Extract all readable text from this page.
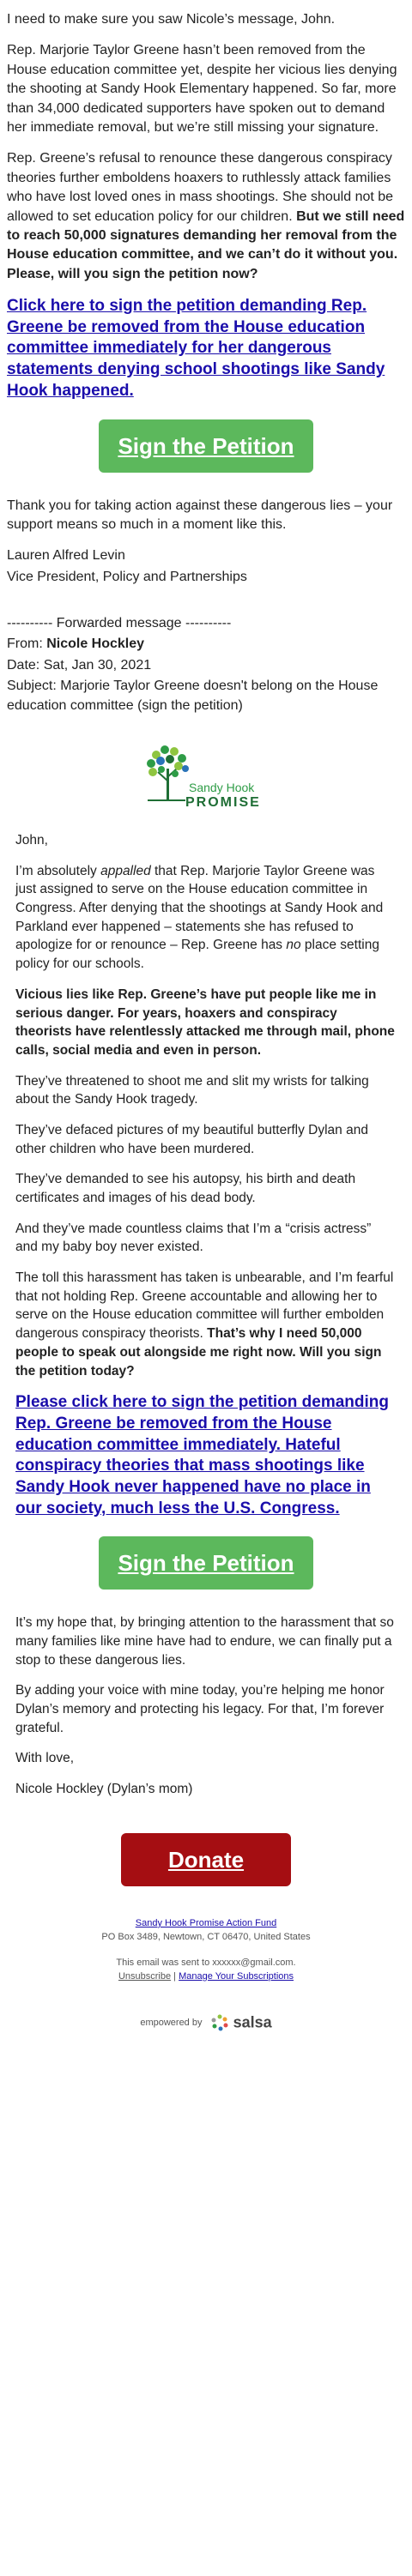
I need to make sure you saw Nicole’s message, John.

Rep. Marjorie Taylor Greene hasn’t been removed from the House education committee yet, despite her vicious lies denying the shooting at Sandy Hook Elementary happened. So far, more than 34,000 dedicated supporters have spoken out to demand her immediate removal, but we’re still missing your signature.

Rep. Greene’s refusal to renounce these dangerous conspiracy theories further emboldens hoaxers to ruthlessly attack families who have lost loved ones in mass shootings. She should not be allowed to set education policy for our children. But we still need to reach 50,000 signatures demanding her removal from the House education committee, and we can’t do it without you. Please, will you sign the petition now?

Click here to sign the petition demanding Rep. Greene be removed from the House education committee immediately for her dangerous statements denying school shootings like Sandy Hook happened.
Sign the Petition

Thank you for taking action against these dangerous lies – your support means so much in a moment like this.

Lauren Alfred Levin

Vice President, Policy and Partnerships

---------- Forwarded message ----------

From: Nicole Hockley

Date: Sat, Jan 30, 2021

Subject: Marjorie Taylor Greene doesn't belong on the House education committee (sign the petition)

Sandy Hook
PROMISE

John,

I’m absolutely appalled that Rep. Marjorie Taylor Greene was just assigned to serve on the House education committee in Congress. After denying that the shootings at Sandy Hook and Parkland ever happened – statements she has refused to apologize for or renounce – Rep. Greene has no place setting policy for our schools.

Vicious lies like Rep. Greene’s have put people like me in serious danger. For years, hoaxers and conspiracy theorists have relentlessly attacked me through mail, phone calls, social media and even in person.

They’ve threatened to shoot me and slit my wrists for talking about the Sandy Hook tragedy.

They’ve defaced pictures of my beautiful butterfly Dylan and other children who have been murdered.

They’ve demanded to see his autopsy, his birth and death certificates and images of his dead body.

And they’ve made countless claims that I’m a “crisis actress” and my baby boy never existed.

The toll this harassment has taken is unbearable, and I’m fearful that not holding Rep. Greene accountable and allowing her to serve on the House education committee will further embolden dangerous conspiracy theorists. That’s why I need 50,000 people to speak out alongside me right now. Will you sign the petition today?

Please click here to sign the petition demanding Rep. Greene be removed from the House education committee immediately. Hateful conspiracy theories that mass shootings like Sandy Hook never happened have no place in our society, much less the U.S. Congress.
Sign the Petition

It’s my hope that, by bringing attention to the harassment that so many families like mine have had to endure, we can finally put a stop to these dangerous lies.

By adding your voice with mine today, you’re helping me honor Dylan’s memory and protecting his legacy. For that, I’m forever grateful.

With love,

Nicole Hockley (Dylan’s mom)

Donate
Sandy Hook Promise Action Fund
PO Box 3489, Newtown, CT 06470, United States
This email was sent to xxxxxx@gmail.com.
Unsubscribe | Manage Your Subscriptions
empowered by salsa
